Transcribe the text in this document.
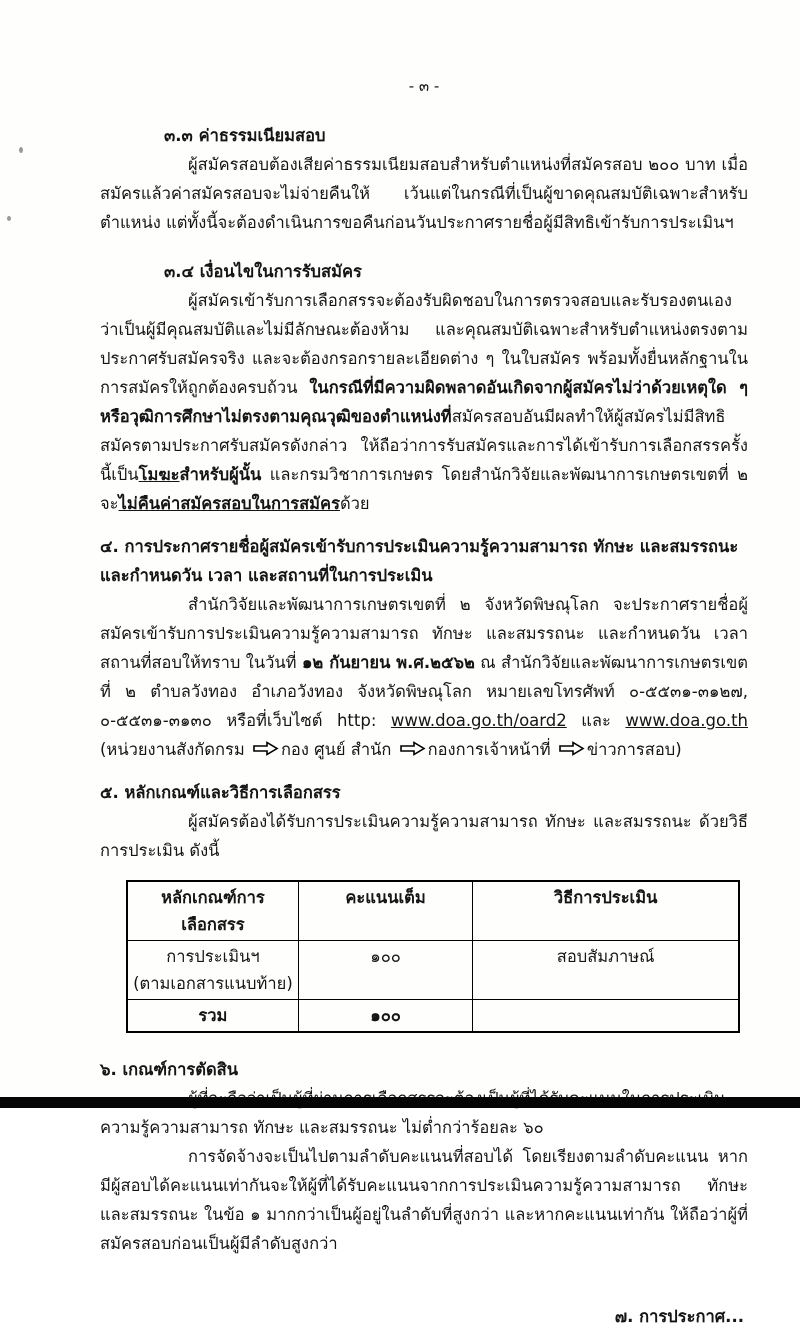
- ๓ -
๓.๓ ค่าธรรมเนียมสอบ

ผู้สมัครสอบต้องเสียค่าธรรมเนียมสอบสำหรับตำแหน่งที่สมัครสอบ ๒๐๐ บาท เมื่อสมัครแล้วค่าสมัครสอบจะไม่จ่ายคืนให้ เว้นแต่ในกรณีที่เป็นผู้ขาดคุณสมบัติเฉพาะสำหรับตำแหน่ง แต่ทั้งนี้จะต้องดำเนินการขอคืนก่อนวันประกาศรายชื่อผู้มีสิทธิเข้ารับการประเมินฯ

๓.๔ เงื่อนไขในการรับสมัคร

ผู้สมัครเข้ารับการเลือกสรรจะต้องรับผิดชอบในการตรวจสอบและรับรองตนเองว่าเป็นผู้มีคุณสมบัติและไม่มีลักษณะต้องห้าม และคุณสมบัติเฉพาะสำหรับตำแหน่งตรงตามประกาศรับสมัครจริง และจะต้องกรอกรายละเอียดต่าง ๆ ในใบสมัคร พร้อมทั้งยื่นหลักฐานในการสมัครให้ถูกต้องครบถ้วน ในกรณีที่มีความผิดพลาดอันเกิดจากผู้สมัครไม่ว่าด้วยเหตุใด ๆ หรือวุฒิการศึกษาไม่ตรงตามคุณวุฒิของตำแหน่งที่สมัครสอบอันมีผลทำให้ผู้สมัครไม่มีสิทธิสมัครตามประกาศรับสมัครดังกล่าว ให้ถือว่าการรับสมัครและการได้เข้ารับการเลือกสรรครั้งนี้เป็นโมฆะสำหรับผู้นั้น และกรมวิชาการเกษตร โดยสำนักวิจัยและพัฒนาการเกษตรเขตที่ ๒ จะไม่คืนค่าสมัครสอบในการสมัครด้วย

๔. การประกาศรายชื่อผู้สมัครเข้ารับการประเมินความรู้ความสามารถ ทักษะ และสมรรถนะ และกำหนดวัน เวลา และสถานที่ในการประเมิน

สำนักวิจัยและพัฒนาการเกษตรเขตที่ ๒ จังหวัดพิษณุโลก จะประกาศรายชื่อผู้สมัครเข้ารับการประเมินความรู้ความสามารถ ทักษะ และสมรรถนะ และกำหนดวัน เวลา สถานที่สอบให้ทราบ ในวันที่ ๑๒ กันยายน พ.ศ.๒๕๖๒ ณ สำนักวิจัยและพัฒนาการเกษตรเขตที่ ๒ ตำบลวังทอง อำเภอวังทอง จังหวัดพิษณุโลก หมายเลขโทรศัพท์ ๐-๕๕๓๑-๓๑๒๗, ๐-๕๕๓๑-๓๑๓๐ หรือที่เว็บไซต์ http: www.doa.go.th/oard2 และ www.doa.go.th (หน่วยงานสังกัดกรม
กอง ศูนย์ สำนัก
กองการเจ้าหน้าที่
ข่าวการสอบ)

๕. หลักเกณฑ์และวิธีการเลือกสรร

ผู้สมัครต้องได้รับการประเมินความรู้ความสามารถ ทักษะ และสมรรถนะ ด้วยวิธีการประเมิน ดังนี้

หลักเกณฑ์การเลือกสรร	คะแนนเต็ม	วิธีการประเมิน

การประเมินฯ
(ตามเอกสารแนบท้าย)	๑๐๐	สอบสัมภาษณ์
รวม	๑๐๐	
๖. เกณฑ์การตัดสิน

ความรู้ความสามารถ ทักษะ และสมรรถนะ ไม่ต่ำกว่าร้อยละ ๖๐

การจัดจ้างจะเป็นไปตามลำดับคะแนนที่สอบได้ โดยเรียงตามลำดับคะแนน หากมีผู้สอบได้คะแนนเท่ากันจะให้ผู้ที่ได้รับคะแนนจากการประเมินความรู้ความสามารถ ทักษะ และสมรรถนะ ในข้อ ๑ มากกว่าเป็นผู้อยู่ในลำดับที่สูงกว่า และหากคะแนนเท่ากัน ให้ถือว่าผู้ที่สมัครสอบก่อนเป็นผู้มีลำดับสูงกว่า

๗. การประกาศ...
